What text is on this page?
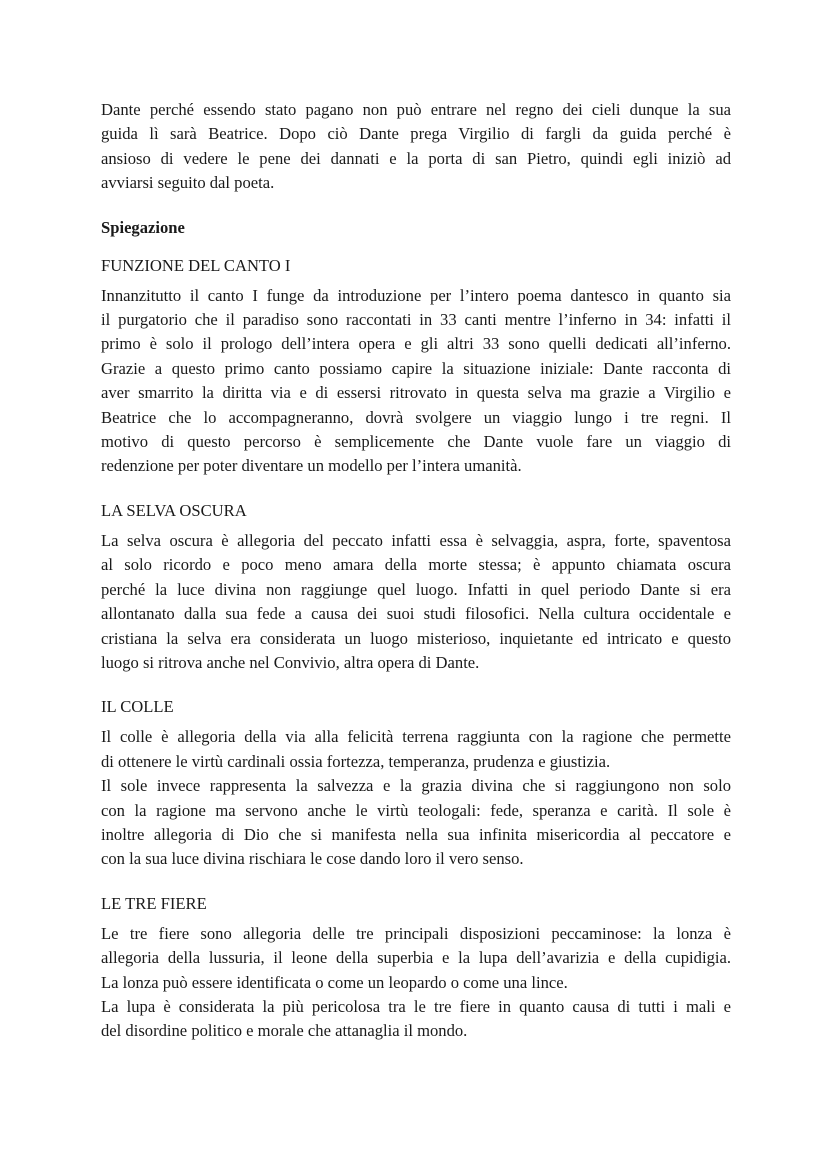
Dante perché essendo stato pagano non può entrare nel regno dei cieli dunque la sua
guida lì sarà Beatrice. Dopo ciò Dante prega Virgilio di fargli da guida perché è
ansioso di vedere le pene dei dannati e la porta di san Pietro, quindi egli iniziò ad
avviarsi seguito dal poeta.
Spiegazione
FUNZIONE DEL CANTO I
Innanzitutto il canto I funge da introduzione per l’intero poema dantesco in quanto sia
il purgatorio che il paradiso sono raccontati in 33 canti mentre l’inferno in 34: infatti il
primo è solo il prologo dell’intera opera e gli altri 33 sono quelli dedicati all’inferno.
Grazie a questo primo canto possiamo capire la situazione iniziale: Dante racconta di
aver smarrito la diritta via e di essersi ritrovato in questa selva ma grazie a Virgilio e
Beatrice che lo accompagneranno, dovrà svolgere un viaggio lungo i tre regni. Il
motivo di questo percorso è semplicemente che Dante vuole fare un viaggio di
redenzione per poter diventare un modello per l’intera umanità.
LA SELVA OSCURA
La selva oscura è allegoria del peccato infatti essa è selvaggia, aspra, forte, spaventosa
al solo ricordo e poco meno amara della morte stessa; è appunto chiamata oscura
perché la luce divina non raggiunge quel luogo. Infatti in quel periodo Dante si era
allontanato dalla sua fede a causa dei suoi studi filosofici. Nella cultura occidentale e
cristiana la selva era considerata un luogo misterioso, inquietante ed intricato e questo
luogo si ritrova anche nel Convivio, altra opera di Dante.
IL COLLE
Il colle è allegoria della via alla felicità terrena raggiunta con la ragione che permette
di ottenere le virtù cardinali ossia fortezza, temperanza, prudenza e giustizia.
Il sole invece rappresenta la salvezza e la grazia divina che si raggiungono non solo
con la ragione ma servono anche le virtù teologali: fede, speranza e carità. Il sole è
inoltre allegoria di Dio che si manifesta nella sua infinita misericordia al peccatore e
con la sua luce divina rischiara le cose dando loro il vero senso.
LE TRE FIERE
Le tre fiere sono allegoria delle tre principali disposizioni peccaminose: la lonza è
allegoria della lussuria, il leone della superbia e la lupa dell’avarizia e della cupidigia.
La lonza può essere identificata o come un leopardo o come una lince.
La lupa è considerata la più pericolosa tra le tre fiere in quanto causa di tutti i mali e
del disordine politico e morale che attanaglia il mondo.
